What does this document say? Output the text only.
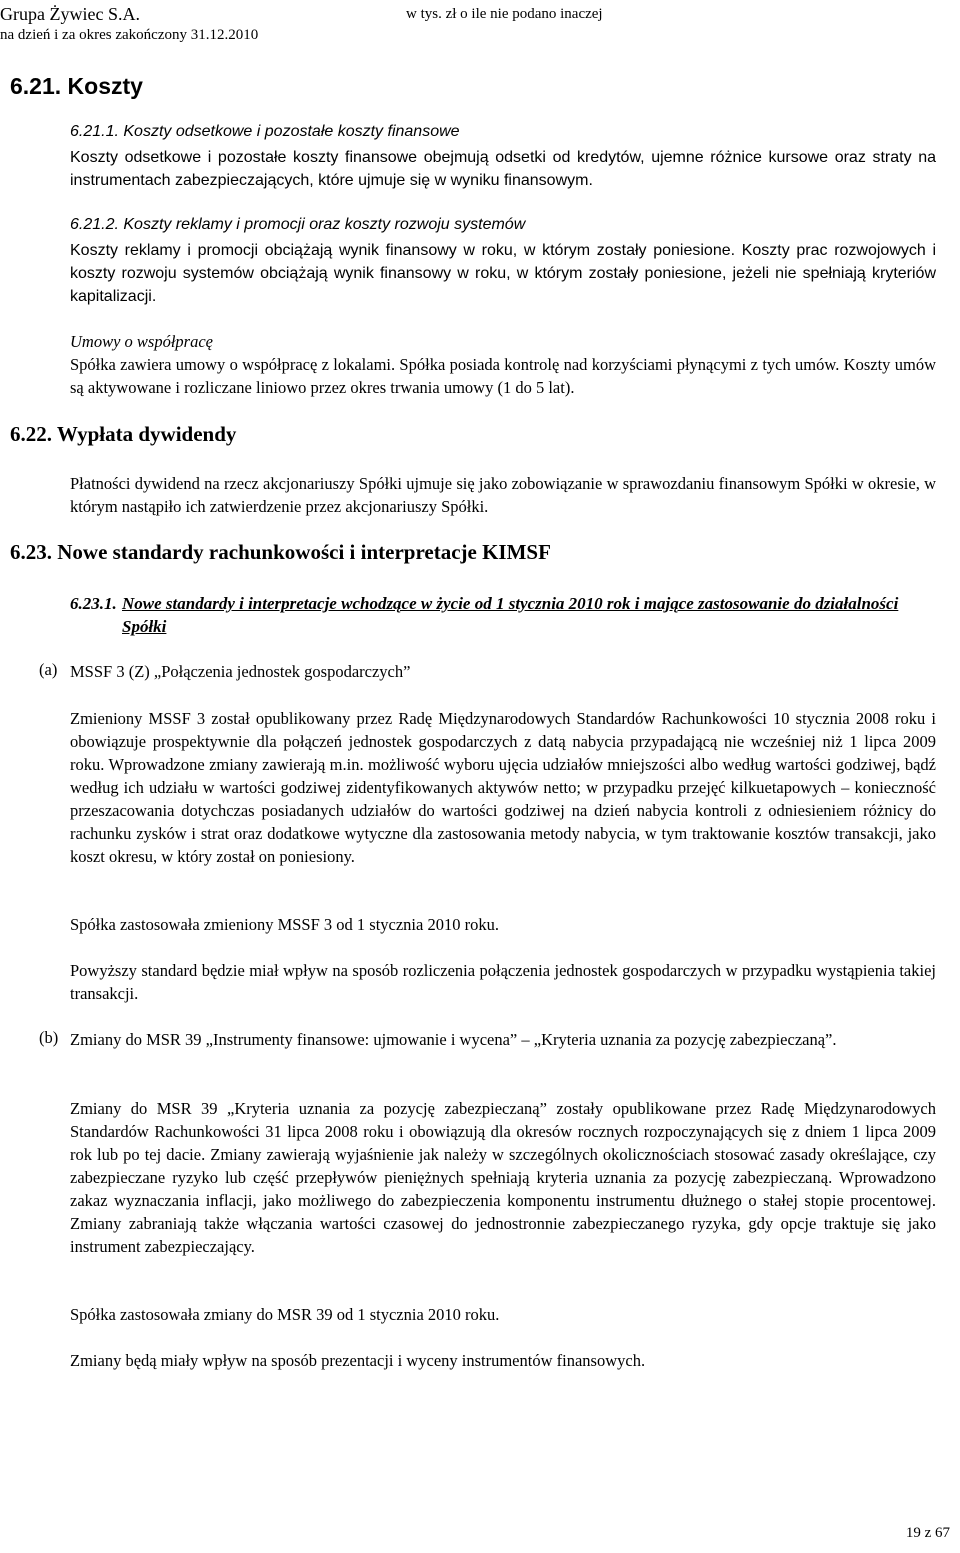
Grupa Żywiec S.A.	w tys. zł o ile nie podano inaczej
na dzień i za okres zakończony 31.12.2010
6.21. Koszty
6.21.1. Koszty odsetkowe i pozostałe koszty finansowe
Koszty odsetkowe i pozostałe koszty finansowe obejmują odsetki od kredytów, ujemne różnice kursowe oraz straty na instrumentach zabezpieczających, które ujmuje się w wyniku finansowym.
6.21.2. Koszty reklamy i promocji oraz koszty rozwoju systemów
Koszty reklamy i promocji obciążają wynik finansowy w roku, w którym zostały poniesione. Koszty prac rozwojowych i koszty rozwoju systemów obciążają wynik finansowy w roku, w którym zostały poniesione, jeżeli nie spełniają kryteriów kapitalizacji.
Umowy o współpracę
Spółka zawiera umowy o współpracę z lokalami. Spółka posiada kontrolę nad korzyściami płynącymi z tych umów. Koszty umów są aktywowane i rozliczane liniowo przez okres trwania umowy (1 do 5 lat).
6.22. Wypłata dywidendy
Płatności dywidend na rzecz akcjonariuszy Spółki ujmuje się jako zobowiązanie w sprawozdaniu finansowym Spółki w okresie, w którym nastąpiło ich zatwierdzenie przez akcjonariuszy Spółki.
6.23. Nowe standardy rachunkowości i interpretacje KIMSF
6.23.1. Nowe standardy i interpretacje wchodzące w życie od 1 stycznia 2010 rok i mające zastosowanie do działalności Spółki
(a) MSSF 3 (Z) „Połączenia jednostek gospodarczych”
Zmieniony MSSF 3 został opublikowany przez Radę Międzynarodowych Standardów Rachunkowości 10 stycznia 2008 roku i obowiązuje prospektywnie dla połączeń jednostek gospodarczych z datą nabycia przypadającą nie wcześniej niż 1 lipca 2009 roku. Wprowadzone zmiany zawierają m.in. możliwość wyboru ujęcia udziałów mniejszości albo według wartości godziwej, bądź według ich udziału w wartości godziwej zidentyfikowanych aktywów netto; w przypadku przejęć kilkuetapowych – konieczność przeszacowania dotychczas posiadanych udziałów do wartości godziwej na dzień nabycia kontroli z odniesieniem różnicy do rachunku zysków i strat oraz dodatkowe wytyczne dla zastosowania metody nabycia, w tym traktowanie kosztów transakcji, jako koszt okresu, w który został on poniesiony.
Spółka zastosowała zmieniony MSSF 3 od 1 stycznia 2010 roku.
Powyższy standard będzie miał wpływ na sposób rozliczenia połączenia jednostek gospodarczych w przypadku wystąpienia takiej transakcji.
(b) Zmiany do MSR 39 „Instrumenty finansowe: ujmowanie i wycena” – „Kryteria uznania za pozycję zabezpieczaną”.
Zmiany do MSR 39 „Kryteria uznania za pozycję zabezpieczaną” zostały opublikowane przez Radę Międzynarodowych Standardów Rachunkowości 31 lipca 2008 roku i obowiązują dla okresów rocznych rozpoczynających się z dniem 1 lipca 2009 rok lub po tej dacie. Zmiany zawierają wyjaśnienie jak należy w szczególnych okolicznościach stosować zasady określające, czy zabezpieczane ryzyko lub część przepływów pieniężnych spełniają kryteria uznania za pozycję zabezpieczaną. Wprowadzono zakaz wyznaczania inflacji, jako możliwego do zabezpieczenia komponentu instrumentu dłużnego o stałej stopie procentowej. Zmiany zabraniają także włączania wartości czasowej do jednostronnie zabezpieczanego ryzyka, gdy opcje traktuje się jako instrument zabezpieczający.
Spółka zastosowała zmiany do MSR 39 od 1 stycznia 2010 roku.
Zmiany będą miały wpływ na sposób prezentacji i wyceny instrumentów finansowych.
19 z 67
